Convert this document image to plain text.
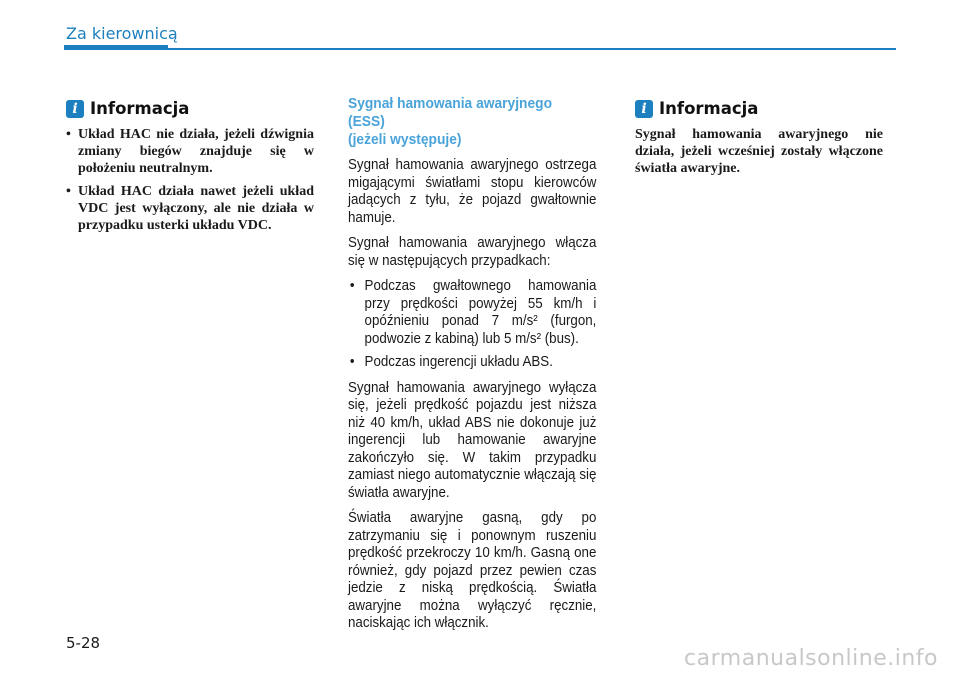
Za kierownicą
i Informacja
• Układ HAC nie działa, jeżeli dźwignia zmiany biegów znajduje się w położeniu neutralnym.
• Układ HAC działa nawet jeżeli układ VDC jest wyłączony, ale nie działa w przypadku usterki układu VDC.
Sygnał hamowania awaryjnego (ESS)
(jeżeli występuje)

Sygnał hamowania awaryjnego ostrzega migającymi światłami stopu kierowców jadących z tyłu, że pojazd gwałtownie hamuje.

Sygnał hamowania awaryjnego włącza się w następujących przypadkach:

• Podczas gwałtownego hamowania przy prędkości powyżej 55 km/h i opóźnieniu ponad 7 m/s² (furgon, podwozie z kabiną) lub 5 m/s² (bus).
• Podczas ingerencji układu ABS.

Sygnał hamowania awaryjnego wyłącza się, jeżeli prędkość pojazdu jest niższa niż 40 km/h, układ ABS nie dokonuje już ingerencji lub hamowanie awaryjne zakończyło się. W takim przypadku zamiast niego automatycznie włączają się światła awaryjne.

Światła awaryjne gasną, gdy po zatrzymaniu się i ponownym ruszeniu prędkość przekroczy 10 km/h. Gasną one również, gdy pojazd przez pewien czas jedzie z niską prędkością. Światła awaryjne można wyłączyć ręcznie, naciskając ich włącznik.

i Informacja

Sygnał hamowania awaryjnego nie działa, jeżeli wcześniej zostały włączone światła awaryjne.

5-28
carmanualsonline.info
